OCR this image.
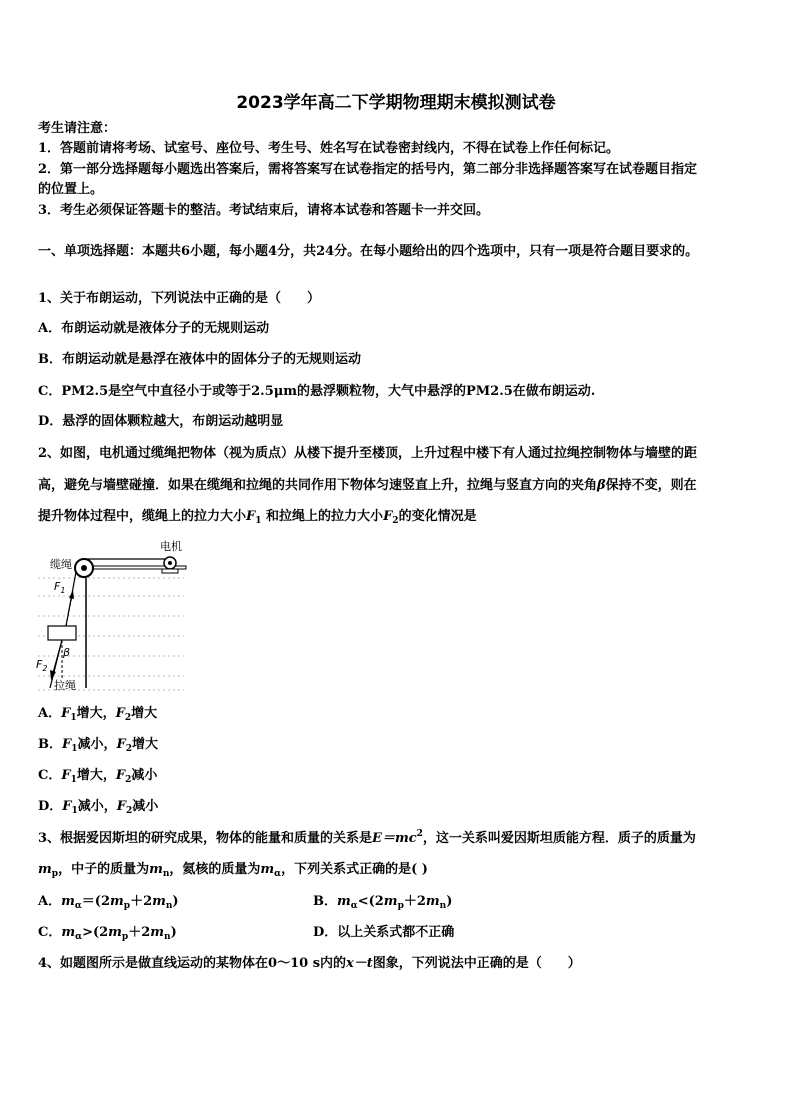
2023学年高二下学期物理期末模拟测试卷
考生请注意：
1．答题前请将考场、试室号、座位号、考生号、姓名写在试卷密封线内，不得在试卷上作任何标记。
2．第一部分选择题每小题选出答案后，需将答案写在试卷指定的括号内，第二部分非选择题答案写在试卷题目指定
的位置上。
3．考生必须保证答题卡的整洁。考试结束后，请将本试卷和答题卡一并交回。
一、单项选择题：本题共6小题，每小题4分，共24分。在每小题给出的四个选项中，只有一项是符合题目要求的。
1、关于布朗运动，下列说法中正确的是（　　）
A．布朗运动就是液体分子的无规则运动
B．布朗运动就是悬浮在液体中的固体分子的无规则运动
C．PM2.5是空气中直径小于或等于2.5μm的悬浮颗粒物，大气中悬浮的PM2.5在做布朗运动.
D．悬浮的固体颗粒越大，布朗运动越明显
2、如图，电机通过缆绳把物体（视为质点）从楼下提升至楼顶，上升过程中楼下有人通过拉绳控制物体与墙壁的距
高，避免与墙壁碰撞．如果在缆绳和拉绳的共同作用下物体匀速竖直上升，拉绳与竖直方向的夹角β保持不变，则在
提升物体过程中，缆绳上的拉力大小$F_1$ 和拉绳上的拉力大小$F_2$的变化情况是
电机
缆绳
$F_1$
$F_2$
β
拉绳
A．$F_1$增大，$F_2$增大
B．$F_1$减小，$F_2$增大
C．$F_1$增大，$F_2$减小
D．$F_1$减小，$F_2$减小
3、根据爱因斯坦的研究成果，物体的能量和质量的关系是$E=mc^2$，这一关系叫爱因斯坦质能方程．质子的质量为
$m_p$，中子的质量为$m_n$，氦核的质量为$m_\alpha$，下列关系式正确的是( )
A．$m_\alpha=(2m_p+2m_n)$	B．$m_\alpha<(2m_p+2m_n)$
C．$m_\alpha>(2m_p+2m_n)$	D．以上关系式都不正确
4、如题图所示是做直线运动的某物体在0～10 s内的x－t图象，下列说法中正确的是（　　）
